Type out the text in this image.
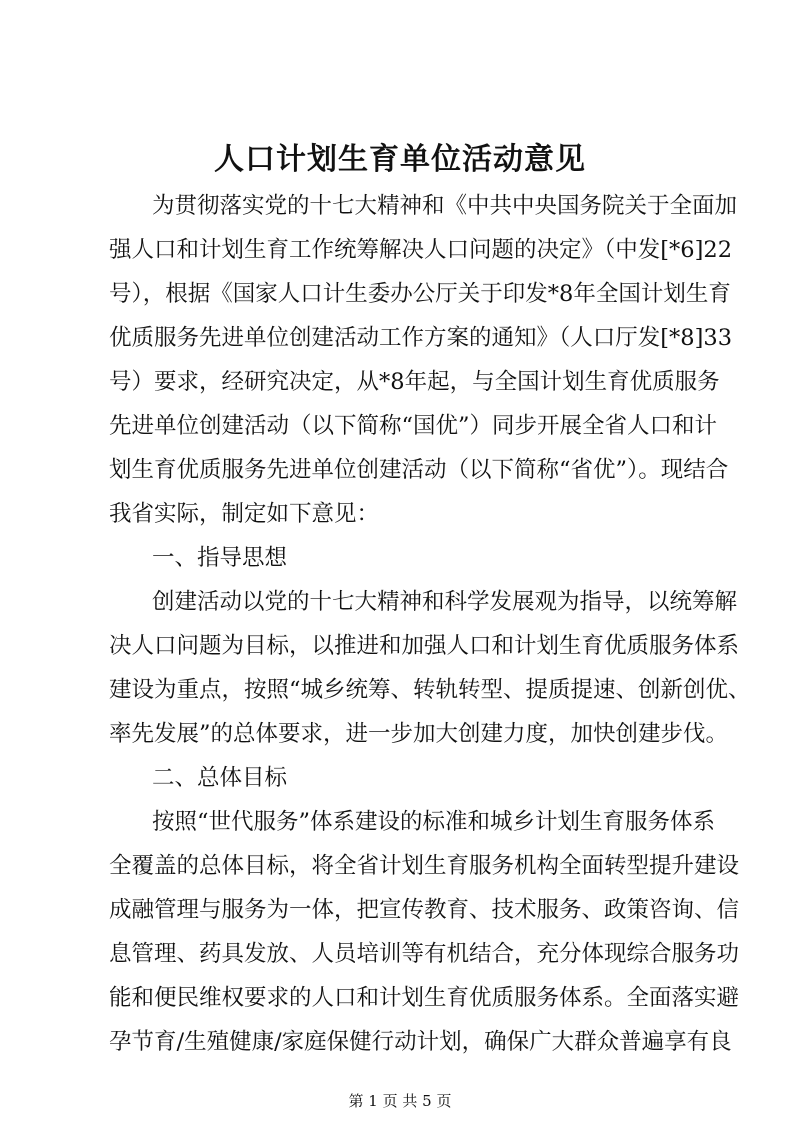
人口计划生育单位活动意见
为贯彻落实党的十七大精神和《中共中央国务院关于全面加
强人口和计划生育工作统筹解决人口问题的决定》（中发[*6]22
号），根据《国家人口计生委办公厅关于印发*8年全国计划生育
优质服务先进单位创建活动工作方案的通知》（人口厅发[*8]33
号）要求，经研究决定，从*8年起，与全国计划生育优质服务
先进单位创建活动（以下简称“国优”）同步开展全省人口和计
划生育优质服务先进单位创建活动（以下简称“省优”）。现结合
我省实际，制定如下意见：
一、指导思想
创建活动以党的十七大精神和科学发展观为指导，以统筹解
决人口问题为目标，以推进和加强人口和计划生育优质服务体系
建设为重点，按照“城乡统筹、转轨转型、提质提速、创新创优、
率先发展”的总体要求，进一步加大创建力度，加快创建步伐。
二、总体目标
按照“世代服务”体系建设的标准和城乡计划生育服务体系
全覆盖的总体目标，将全省计划生育服务机构全面转型提升建设
成融管理与服务为一体，把宣传教育、技术服务、政策咨询、信
息管理、药具发放、人员培训等有机结合，充分体现综合服务功
能和便民维权要求的人口和计划生育优质服务体系。全面落实避
孕节育/生殖健康/家庭保健行动计划，确保广大群众普遍享有良
第 1 页 共 5 页
